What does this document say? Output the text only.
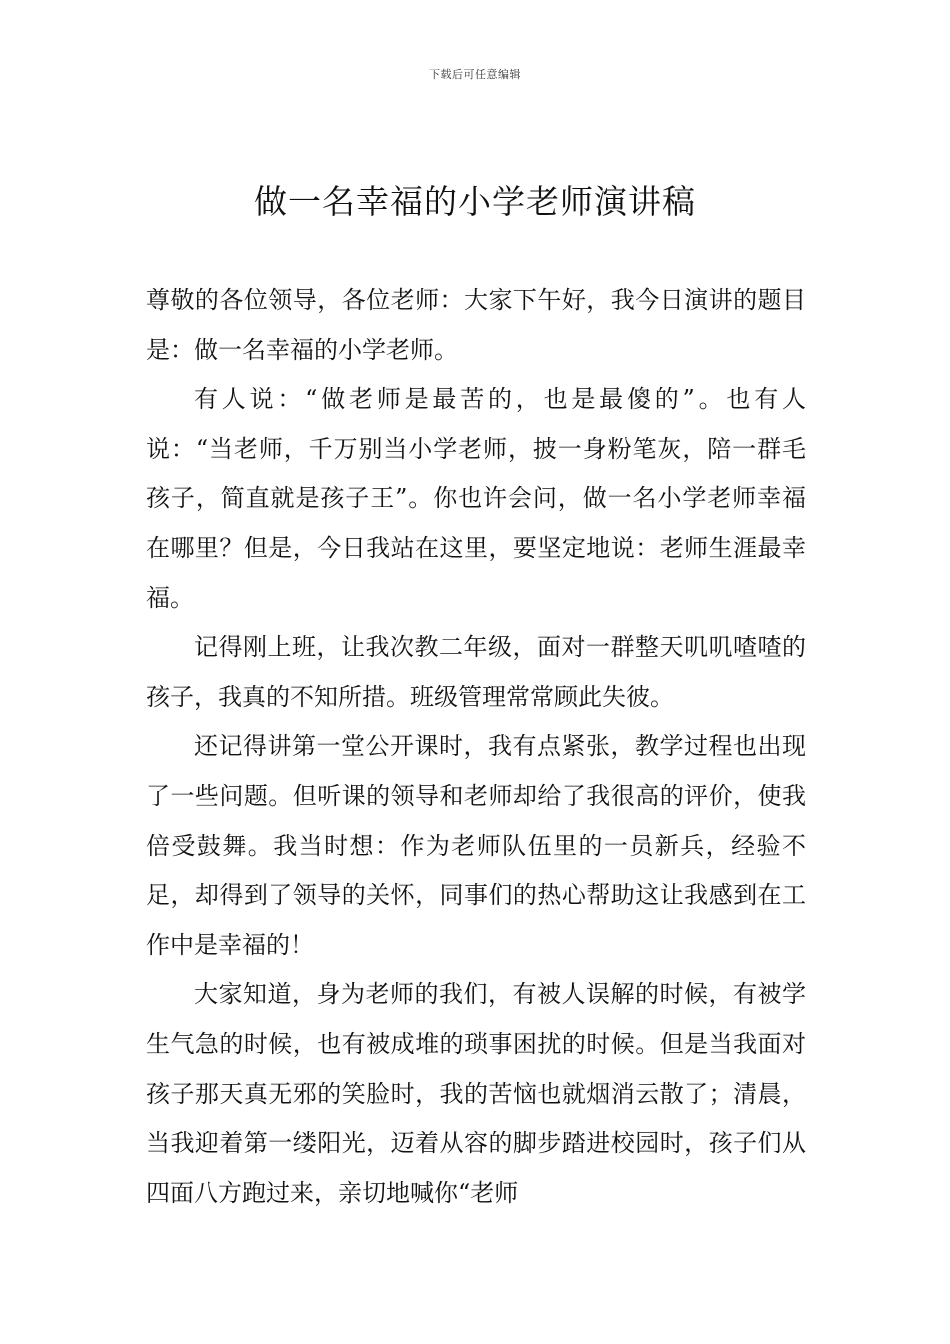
下载后可任意编辑
做一名幸福的小学老师演讲稿

尊敬的各位领导，各位老师：大家下午好，我今日演讲的题目是：做一名幸福的小学老师。

有人说：“做老师是最苦的，也是最傻的”。也有人说：“当老师，千万别当小学老师，披一身粉笔灰，陪一群毛孩子，简直就是孩子王”。你也许会问，做一名小学老师幸福在哪里？但是，今日我站在这里，要坚定地说：老师生涯最幸福。

记得刚上班，让我次教二年级，面对一群整天叽叽喳喳的孩子，我真的不知所措。班级管理常常顾此失彼。

还记得讲第一堂公开课时，我有点紧张，教学过程也出现了一些问题。但听课的领导和老师却给了我很高的评价，使我倍受鼓舞。我当时想：作为老师队伍里的一员新兵，经验不足，却得到了领导的关怀，同事们的热心帮助这让我感到在工作中是幸福的！

大家知道，身为老师的我们，有被人误解的时候，有被学生气急的时候，也有被成堆的琐事困扰的时候。但是当我面对孩子那天真无邪的笑脸时，我的苦恼也就烟消云散了；清晨，当我迎着第一缕阳光，迈着从容的脚步踏进校园时，孩子们从四面八方跑过来，亲切地喊你“老师
